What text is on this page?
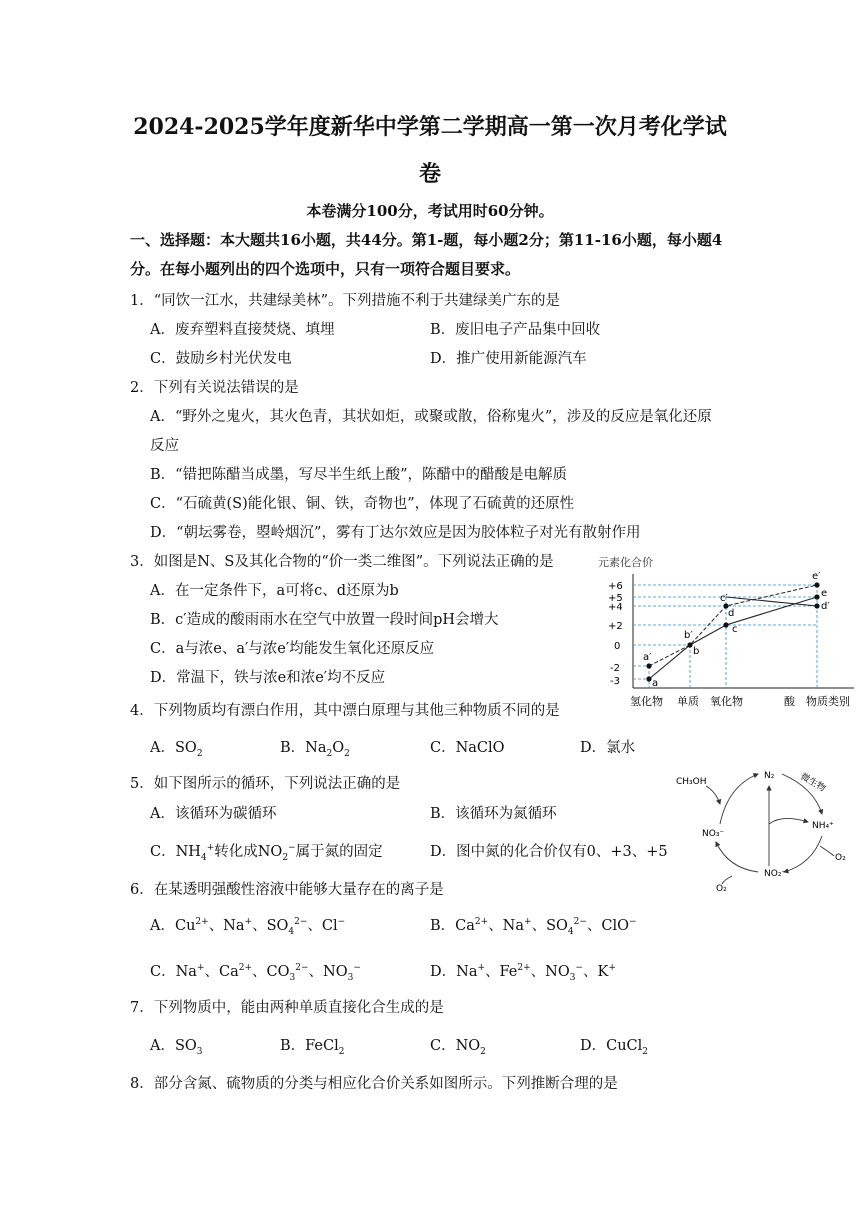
2024-2025学年度新华中学第二学期高一第一次月考化学试
卷
本卷满分100分，考试用时60分钟。
一、选择题：本大题共16小题，共44分。第1-题，每小题2分；第11-16小题，每小题4分。在每小题列出的四个选项中，只有一项符合题目要求。
1．“同饮一江水，共建绿美林”。下列措施不利于共建绿美广东的是
A．废弃塑料直接焚烧、填埋	B．废旧电子产品集中回收
C．鼓励乡村光伏发电	D．推广使用新能源汽车
2．下列有关说法错误的是
A．“野外之鬼火，其火色青，其状如炬，或聚或散，俗称鬼火”，涉及的反应是氧化还原
反应
B．“错把陈醋当成墨，写尽半生纸上酸”，陈醋中的醋酸是电解质
C．“石硫黄(S)能化银、铜、铁，奇物也”，体现了石硫黄的还原性
D．“朝坛雾卷，曌岭烟沉”，雾有丁达尔效应是因为胶体粒子对光有散射作用
3．如图是N、S及其化合物的“价一类二维图”。下列说法正确的是
A．在一定条件下，a可将c、d还原为b
B．c′造成的酸雨雨水在空气中放置一段时间pH会增大
C．a与浓e、a′与浓e′均能发生氧化还原反应
D．常温下，铁与浓e和浓e′均不反应
元素化合价
+6
+5
+4
+2
0
-2
-3	a
a′
b
b′
c
c′
d
d′
e
e′
氢化物 单质 氧化物	酸 物质类别
4．下列物质均有漂白作用，其中漂白原理与其他三种物质不同的是
A．$SO_2$	B．$Na_2O_2$	C．NaClO	D．氯水
5．如下图所示的循环，下列说法正确的是
A．该循环为碳循环	B．该循环为氮循环
C．$NH_4^+$转化成$NO_2^-$属于氮的固定	D．图中氮的化合价仅有0、+3、+5
CH₃OH
N₂	微生物
NO₃⁻
NH₄⁺
NO₂⁻
O₂
O₂
6．在某透明强酸性溶液中能够大量存在的离子是
A．$Cu^{2+}$、Na+、$SO_4^{2-}$、Cl−	B．$Ca^{2+}$、Na+、$SO_4^{2-}$、ClO−
C．Na+、$Ca^{2+}$、$CO_3^{2-}$、$NO_3^-$	D．Na+、$Fe^{2+}$、$NO_3^-$、K+
7．下列物质中，能由两种单质直接化合生成的是
A．$SO_3$	B．FeCl$_2$	C．$NO_2$	D．CuCl$_2$
8．部分含氮、硫物质的分类与相应化合价关系如图所示。下列推断合理的是
